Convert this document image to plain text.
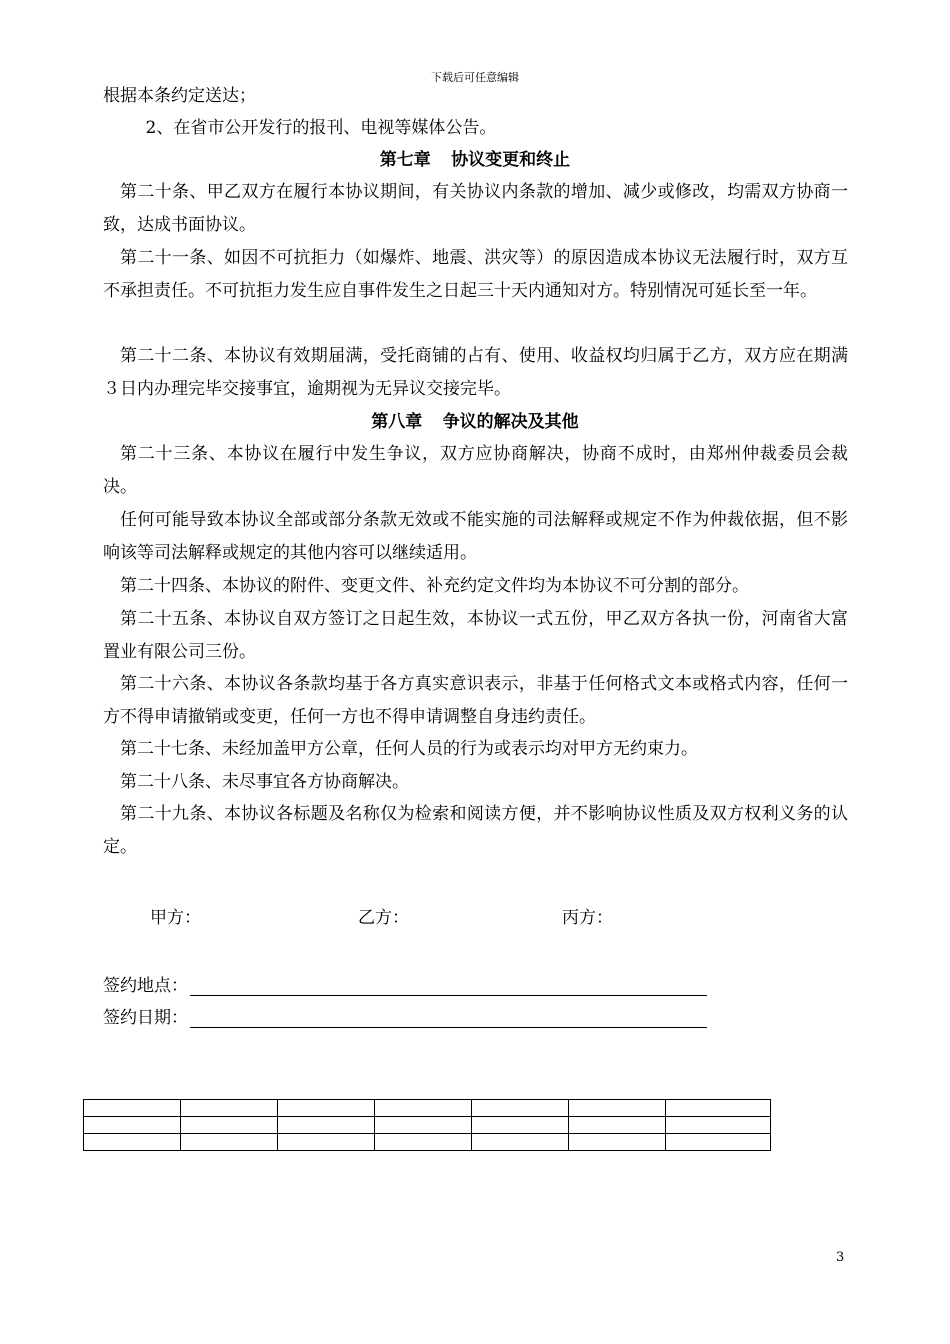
下载后可任意编辑

根据本条约定送达；

2、在省市公开发行的报刊、电视等媒体公告。

第七章 协议变更和终止

第二十条、甲乙双方在履行本协议期间，有关协议内条款的增加、减少或修改，均需双方协商一致，达成书面协议。

第二十一条、如因不可抗拒力（如爆炸、地震、洪灾等）的原因造成本协议无法履行时，双方互不承担责任。不可抗拒力发生应自事件发生之日起三十天内通知对方。特别情况可延长至一年。

第二十二条、本协议有效期届满，受托商铺的占有、使用、收益权均归属于乙方，双方应在期满３日内办理完毕交接事宜，逾期视为无异议交接完毕。

第八章 争议的解决及其他

第二十三条、本协议在履行中发生争议，双方应协商解决，协商不成时，由郑州仲裁委员会裁决。

任何可能导致本协议全部或部分条款无效或不能实施的司法解释或规定不作为仲裁依据，但不影响该等司法解释或规定的其他内容可以继续适用。

第二十四条、本协议的附件、变更文件、补充约定文件均为本协议不可分割的部分。

第二十五条、本协议自双方签订之日起生效，本协议一式五份，甲乙双方各执一份，河南省大富置业有限公司三份。

第二十六条、本协议各条款均基于各方真实意识表示，非基于任何格式文本或格式内容，任何一方不得申请撤销或变更，任何一方也不得申请调整自身违约责任。

第二十七条、未经加盖甲方公章，任何人员的行为或表示均对甲方无约束力。

第二十八条、未尽事宜各方协商解决。

第二十九条、本协议各标题及名称仅为检索和阅读方便，并不影响协议性质及双方权利义务的认定。

甲方：	乙方：	丙方：
签约地点：
签约日期：

3
